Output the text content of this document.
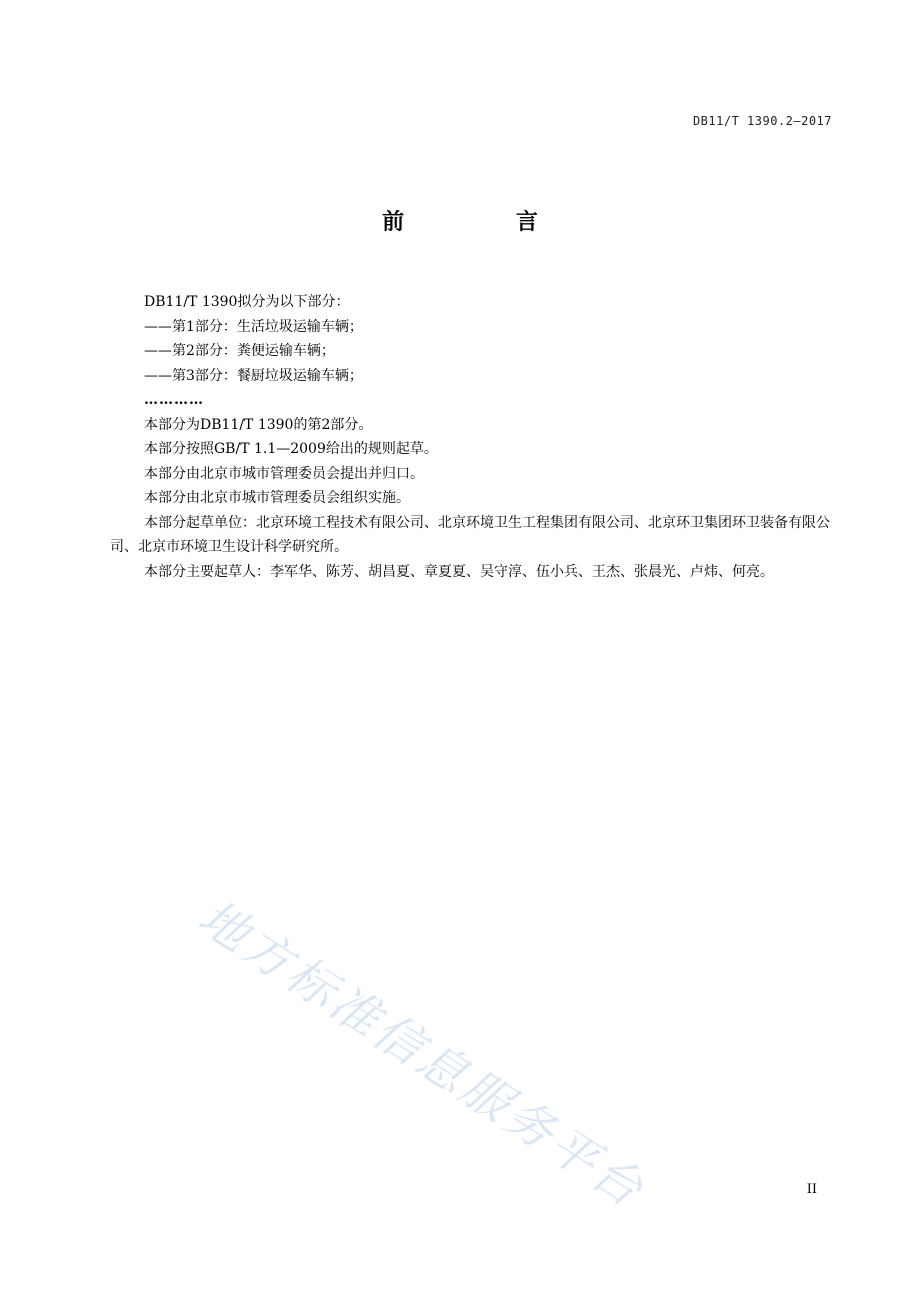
DB11/T 1390.2—2017
前 言

DB11/T 1390拟分为以下部分：

——第1部分：生活垃圾运输车辆；

——第2部分：粪便运输车辆；

——第3部分：餐厨垃圾运输车辆；

…………

本部分为DB11/T 1390的第2部分。

本部分按照GB/T 1.1—2009给出的规则起草。

本部分由北京市城市管理委员会提出并归口。

本部分由北京市城市管理委员会组织实施。

本部分起草单位：北京环境工程技术有限公司、北京环境卫生工程集团有限公司、北京环卫集团环卫装备有限公司、北京市环境卫生设计科学研究所。

本部分主要起草人：李军华、陈芳、胡昌夏、章夏夏、吴守淳、伍小兵、王杰、张晨光、卢炜、何亮。

地方标准信息服务平台	II
